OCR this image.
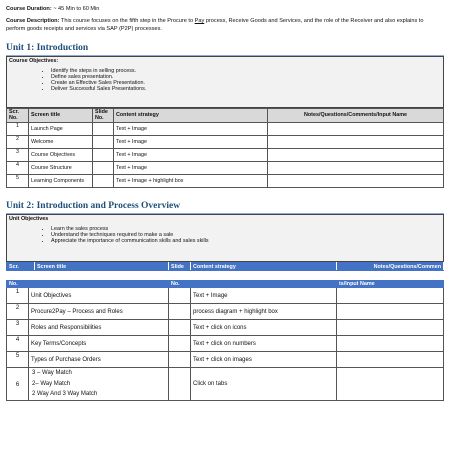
Course Duration: ~ 45 Min to 60 Min

Course Description: This course focuses on the fifth step in the Procure to Pay process, Receive Goods and Services, and the role of the Receiver and also explains to perform goods receipts and services via SAP (P2P) processes.

Unit 1: Introduction
Course Objectives:
• Identify the steps in selling process.
• Define sales presentation.
• Create an Effective Sales Presentation.
• Deliver Successful Sales Presentations.
Scr. No.	Screen title	Slide No.	Content strategy	Notes/Questions/Comments/Input Name
1	Launch Page		Text + Image	
2	Welcome		Text + Image	
3	Course Objectives		Text + Image	
4	Course Structure		Text + Image	
5	Learning Components		Text + Image + highlight box	
Unit 2: Introduction and Process Overview
Unit Objectives
• Learn the sales process
• Understand the techniques required to make a sale
• Appreciate the importance of communication skills and sales skills
Scr.	Screen title	Slide	Content strategy	Notes/Questions/Commen
No.		No.		ts/Input Name
1	Unit Objectives		Text + Image	
2	Procure2Pay – Process and Roles		process diagram + highlight box	
3	Roles and Responsibilities		Text + click on icons	
4	Key Terms/Concepts		Text + click on numbers	
5	Types of Purchase Orders		Text + click on images	
6	3 – Way Match
2– Way Match
2 Way And 3 Way Match		Click on tabs	
